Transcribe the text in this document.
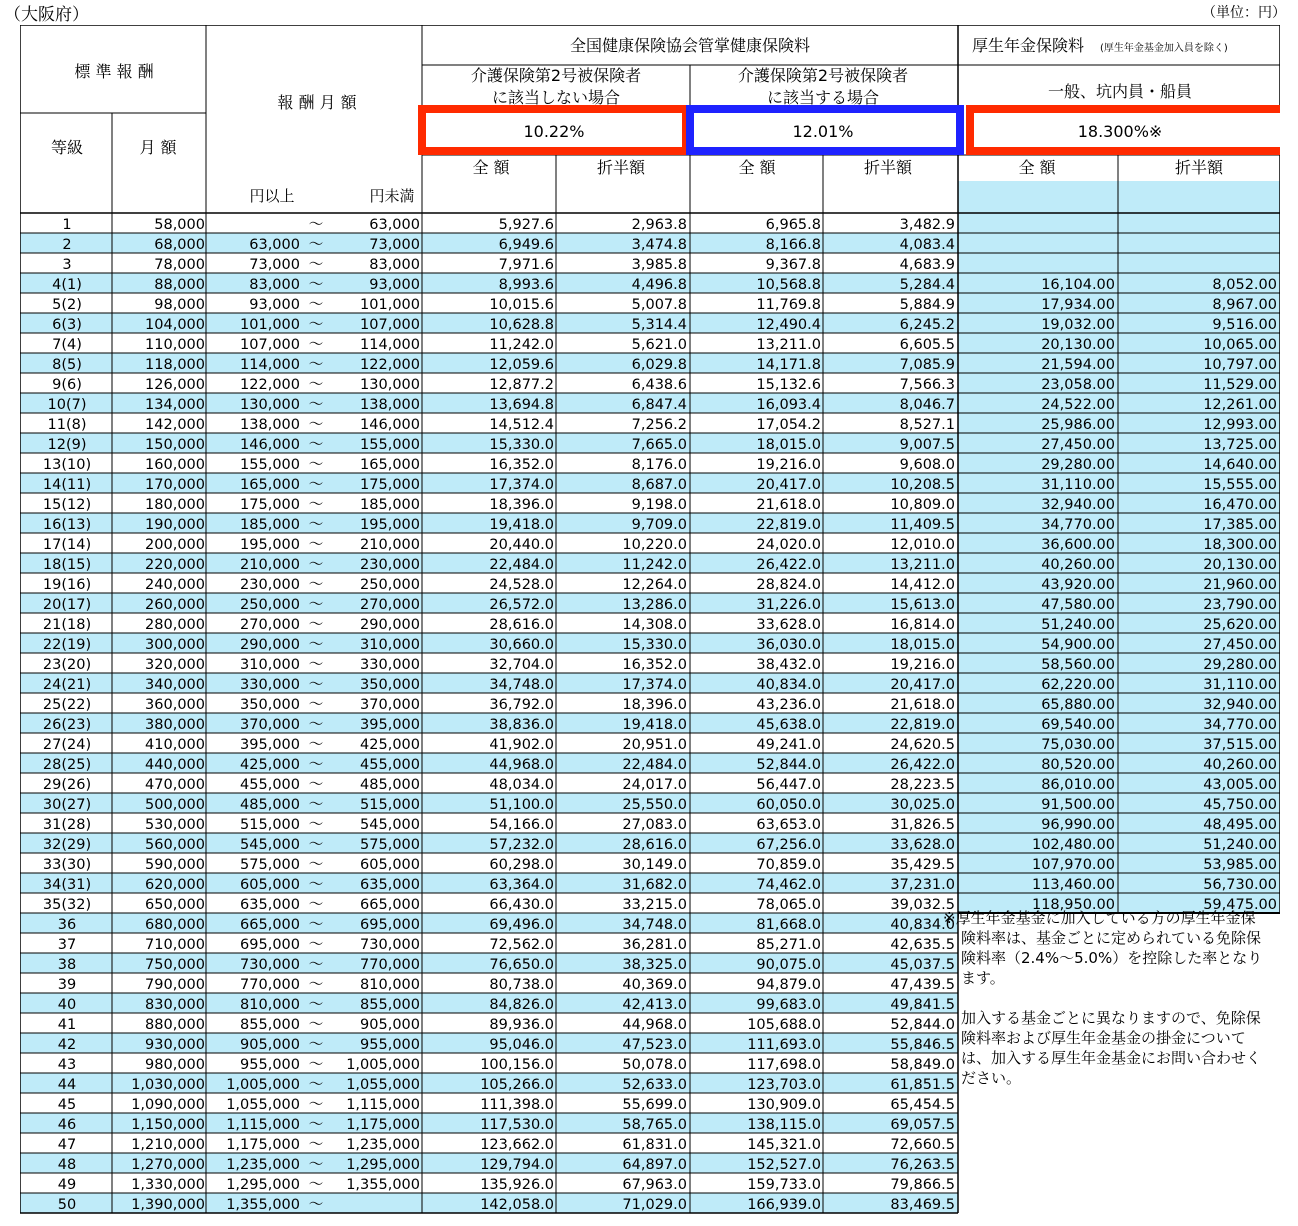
（大阪府）	（単位：円）
標 準 報 酬
等級	月 額
報 酬 月 額
全国健康保険協会管掌健康保険料	厚生年金保険料 (厚生年金基金加入員を除く)
介護保険第2号被保険者
に該当しない場合
介護保険第2号被保険者
に該当する場合	一般、坑内員・船員
全 額	折半額	全 額	折半額	全 額	折半額
円以上	円未満
10.22%	12.01%	18.300%※
1	58,000	～	63,000	5,927.6	2,963.8	6,965.8	3,482.9
2	68,000	63,000 ～	73,000	6,949.6	3,474.8	8,166.8	4,083.4
3	78,000	73,000 ～	83,000	7,971.6	3,985.8	9,367.8	4,683.9
4(1)	88,000	83,000 ～	93,000	8,993.6	4,496.8	10,568.8	5,284.4	16,104.00	8,052.00
5(2)	98,000	93,000 ～	101,000	10,015.6	5,007.8	11,769.8	5,884.9	17,934.00	8,967.00
6(3)	104,000 101,000 ～	107,000	10,628.8	5,314.4	12,490.4	6,245.2	19,032.00	9,516.00
7(4)	110,000 107,000 ～	114,000	11,242.0	5,621.0	13,211.0	6,605.5	20,130.00	10,065.00
8(5)	118,000 114,000 ～	122,000	12,059.6	6,029.8	14,171.8	7,085.9	21,594.00	10,797.00
9(6)	126,000 122,000 ～	130,000	12,877.2	6,438.6	15,132.6	7,566.3	23,058.00	11,529.00
10(7)	134,000 130,000 ～	138,000	13,694.8	6,847.4	16,093.4	8,046.7	24,522.00	12,261.00
11(8)	142,000 138,000 ～	146,000	14,512.4	7,256.2	17,054.2	8,527.1	25,986.00	12,993.00
12(9)	150,000 146,000 ～	155,000	15,330.0	7,665.0	18,015.0	9,007.5	27,450.00	13,725.00
13(10)	160,000 155,000 ～	165,000	16,352.0	8,176.0	19,216.0	9,608.0	29,280.00	14,640.00
14(11)	170,000 165,000 ～	175,000	17,374.0	8,687.0	20,417.0	10,208.5	31,110.00	15,555.00
15(12)	180,000 175,000 ～	185,000	18,396.0	9,198.0	21,618.0	10,809.0	32,940.00	16,470.00
16(13)	190,000 185,000 ～	195,000	19,418.0	9,709.0	22,819.0	11,409.5	34,770.00	17,385.00
17(14)	200,000 195,000 ～	210,000	20,440.0	10,220.0	24,020.0	12,010.0	36,600.00	18,300.00
18(15)	220,000 210,000 ～	230,000	22,484.0	11,242.0	26,422.0	13,211.0	40,260.00	20,130.00
19(16)	240,000 230,000 ～	250,000	24,528.0	12,264.0	28,824.0	14,412.0	43,920.00	21,960.00
20(17)	260,000 250,000 ～	270,000	26,572.0	13,286.0	31,226.0	15,613.0	47,580.00	23,790.00
21(18)	280,000 270,000 ～	290,000	28,616.0	14,308.0	33,628.0	16,814.0	51,240.00	25,620.00
22(19)	300,000 290,000 ～	310,000	30,660.0	15,330.0	36,030.0	18,015.0	54,900.00	27,450.00
23(20)	320,000 310,000 ～	330,000	32,704.0	16,352.0	38,432.0	19,216.0	58,560.00	29,280.00
24(21)	340,000 330,000 ～	350,000	34,748.0	17,374.0	40,834.0	20,417.0	62,220.00	31,110.00
25(22)	360,000 350,000 ～	370,000	36,792.0	18,396.0	43,236.0	21,618.0	65,880.00	32,940.00
26(23)	380,000 370,000 ～	395,000	38,836.0	19,418.0	45,638.0	22,819.0	69,540.00	34,770.00
27(24)	410,000 395,000 ～	425,000	41,902.0	20,951.0	49,241.0	24,620.5	75,030.00	37,515.00
28(25)	440,000 425,000 ～	455,000	44,968.0	22,484.0	52,844.0	26,422.0	80,520.00	40,260.00
29(26)	470,000 455,000 ～	485,000	48,034.0	24,017.0	56,447.0	28,223.5	86,010.00	43,005.00
30(27)	500,000 485,000 ～	515,000	51,100.0	25,550.0	60,050.0	30,025.0	91,500.00	45,750.00
31(28)	530,000 515,000 ～	545,000	54,166.0	27,083.0	63,653.0	31,826.5	96,990.00	48,495.00
32(29)	560,000 545,000 ～	575,000	57,232.0	28,616.0	67,256.0	33,628.0	102,480.00	51,240.00
33(30)	590,000 575,000 ～	605,000	60,298.0	30,149.0	70,859.0	35,429.5	107,970.00	53,985.00
34(31)	620,000 605,000 ～	635,000	63,364.0	31,682.0	74,462.0	37,231.0	113,460.00	56,730.00
35(32)	650,000 635,000 ～	665,000	66,430.0	33,215.0	78,065.0	39,032.5	118,950.00	59,475.00
36	680,000 665,000 ～	695,000	69,496.0	34,748.0	81,668.0	40,834.0
37	710,000 695,000 ～	730,000	72,562.0	36,281.0	85,271.0	42,635.5
38	750,000 730,000 ～	770,000	76,650.0	38,325.0	90,075.0	45,037.5
39	790,000 770,000 ～	810,000	80,738.0	40,369.0	94,879.0	47,439.5
40	830,000 810,000 ～	855,000	84,826.0	42,413.0	99,683.0	49,841.5
41	880,000 855,000 ～	905,000	89,936.0	44,968.0	105,688.0	52,844.0
42	930,000 905,000 ～	955,000	95,046.0	47,523.0	111,693.0	55,846.5
43	980,000 955,000 ～ 1,005,000	100,156.0	50,078.0	117,698.0	58,849.0
44	1,030,000 1,005,000 ～ 1,055,000	105,266.0	52,633.0	123,703.0	61,851.5
45	1,090,000 1,055,000 ～ 1,115,000	111,398.0	55,699.0	130,909.0	65,454.5
46	1,150,000 1,115,000 ～ 1,175,000	117,530.0	58,765.0	138,115.0	69,057.5
47	1,210,000 1,175,000 ～ 1,235,000	123,662.0	61,831.0	145,321.0	72,660.5
48	1,270,000 1,235,000 ～ 1,295,000	129,794.0	64,897.0	152,527.0	76,263.5
49	1,330,000 1,295,000 ～ 1,355,000	135,926.0	67,963.0	159,733.0	79,866.5
50	1,390,000 1,355,000 ～	142,058.0	71,029.0	166,939.0	83,469.5

※厚生年金基金に加入している方の厚生年金保険料率は、基金ごとに定められている免除保険料率（2.4%～5.0%）を控除した率となります。

加入する基金ごとに異なりますので、免除保険料率および厚生年金基金の掛金については、加入する厚生年金基金にお問い合わせください。
